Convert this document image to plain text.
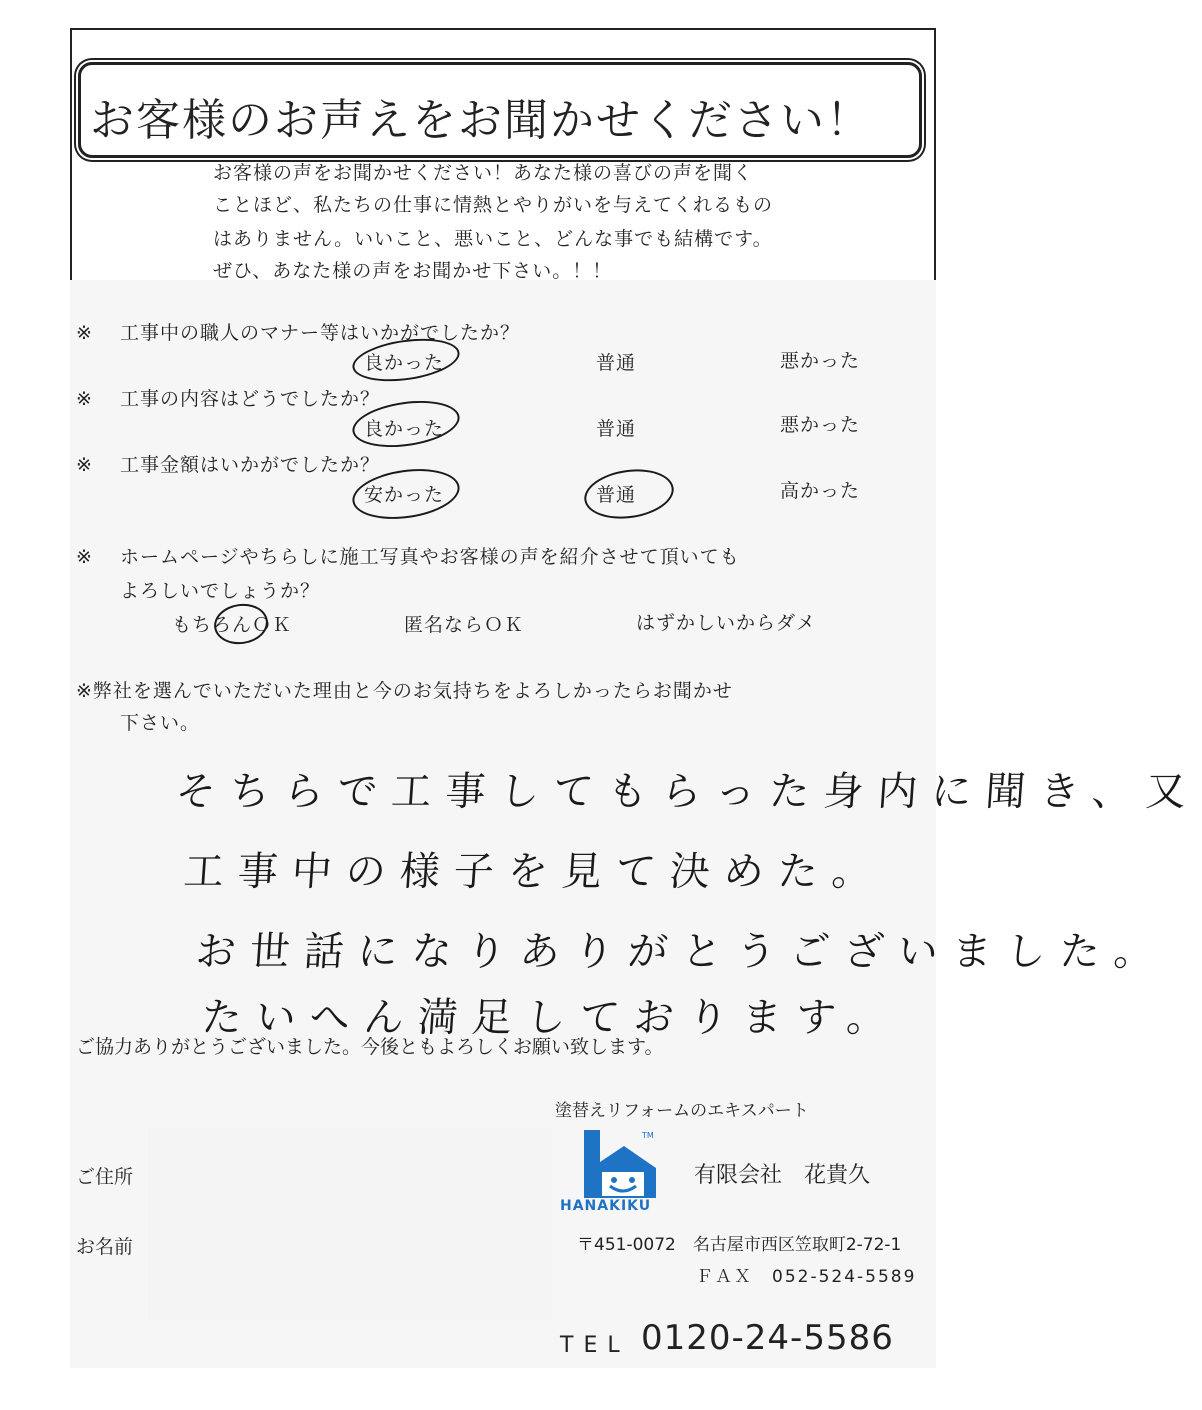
お客様のお声えをお聞かせください！
お客様の声をお聞かせください！あなた様の喜びの声を聞く
ことほど、私たちの仕事に情熱とやりがいを与えてくれるもの
はありません。いいこと、悪いこと、どんな事でも結構です。
ぜひ、あなた様の声をお聞かせ下さい。！！
※ 工事中の職人のマナー等はいかがでしたか？
良かった	普通	悪かった
※ 工事の内容はどうでしたか？
良かった	普通	悪かった
※ 工事金額はいかがでしたか？
安かった	普通	高かった
※ ホームページやちらしに施工写真やお客様の声を紹介させて頂いても
よろしいでしょうか？
もちろんＯＫ	匿名ならＯＫ	はずかしいからダメ
※弊社を選んでいただいた理由と今のお気持ちをよろしかったらお聞かせ
下さい。
そちらで工事してもらった身内に聞き、又
工事中の様子を見て決めた。
お世話になりありがとうございました。
たいへん満足しております。
ご協力ありがとうございました。今後ともよろしくお願い致します。
ご住所
お名前
塗替えリフォームのエキスパート
TM
HANAKIKU
有限会社　花貴久
〒451-0072　名古屋市西区笠取町2-72-1
ＦＡＸ　052-524-5589
TEL 0120-24-5586
